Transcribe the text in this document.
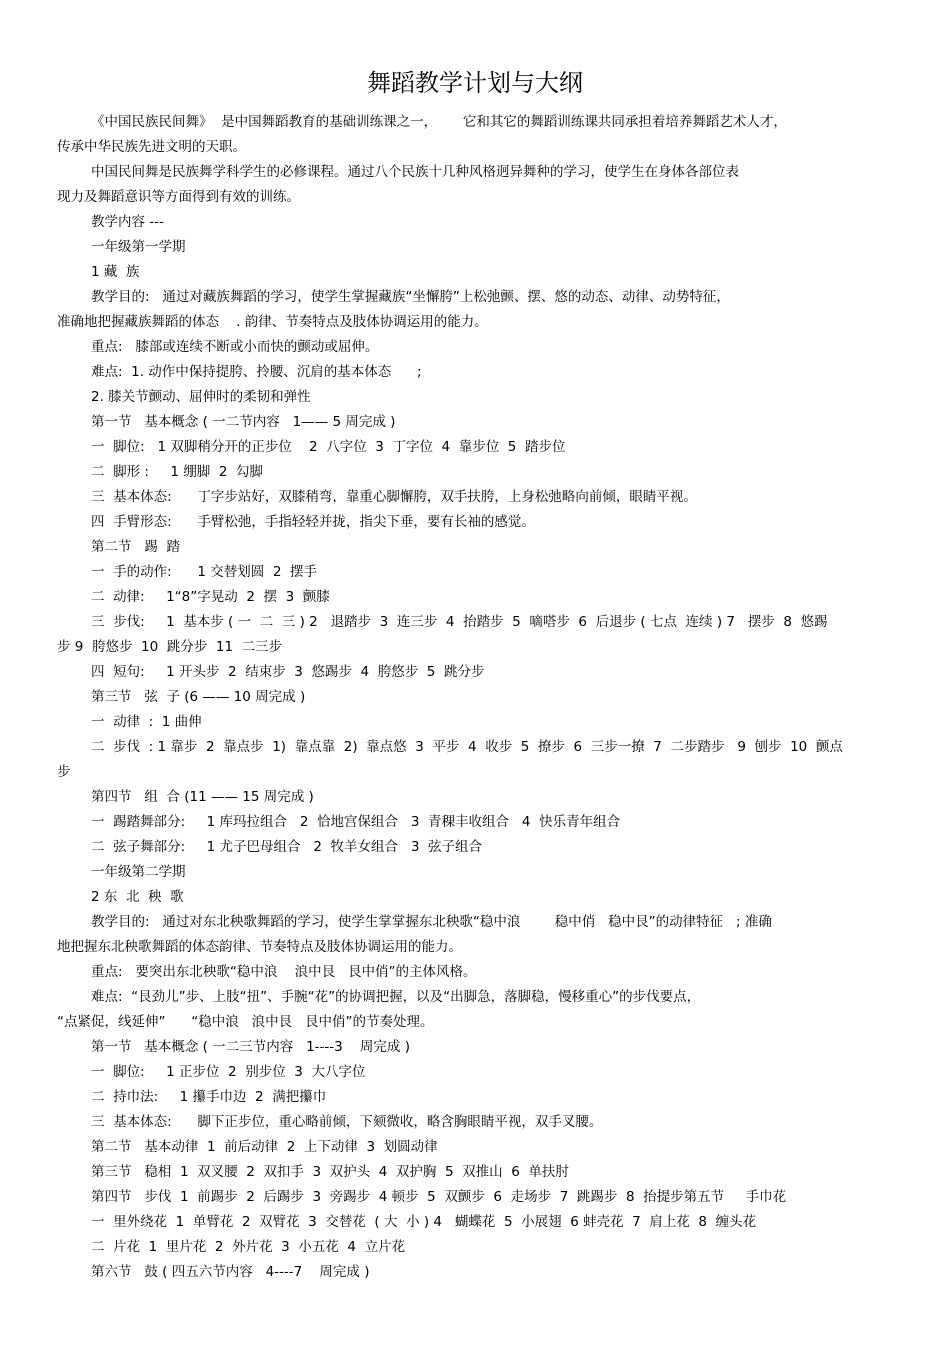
舞蹈教学计划与大纲

《中国民族民间舞》  是中国舞蹈教育的基础训练课之一，      它和其它的舞蹈训练课共同承担着培养舞蹈艺术人才，

传承中华民族先进文明的天职。

中国民间舞是民族舞学科学生的必修课程。通过八个民族十几种风格迥异舞种的学习，使学生在身体各部位表

现力及舞蹈意识等方面得到有效的训练。

教学内容 ---

一年级第一学期

1 藏  族

教学目的:   通过对藏族舞蹈的学习，使学生掌握藏族“坐懈胯”上松弛颤、摆、悠的动态、动律、动势特征，

准确地把握藏族舞蹈的体态    . 韵律、节奏特点及肢体协调运用的能力。

重点:   膝部或连续不断或小而快的颤动或屈伸。

难点:  1. 动作中保持提胯、拎腰、沉肩的基本体态      ;

2. 膝关节颤动、屈伸时的柔韧和弹性

第一节   基本概念 ( 一二节内容   1—— 5 周完成 )

一  脚位:   1 双脚稍分开的正步位    2  八字位  3  丁字位  4  靠步位  5  踏步位

二  脚形 :     1 绷脚  2  勾脚

三  基本体态:      丁字步站好，双膝稍弯，靠重心脚懈胯，双手扶胯，上身松弛略向前倾，眼睛平视。

四  手臂形态:      手臂松弛，手指轻轻并拢，指尖下垂，要有长袖的感觉。

第二节   踢  踏

一  手的动作:      1 交替划圆  2  摆手

二  动律:     1“8”字晃动  2  摆  3  颤膝

三  步伐:     1  基本步 ( 一  二  三 ) 2   退踏步  3  连三步  4  抬踏步  5  嘀嗒步  6  后退步 ( 七点  连续 ) 7   摆步  8  悠踢

步 9  胯悠步  10  跳分步  11  二三步

四  短句:     1 开头步  2  结束步  3  悠踢步  4  胯悠步  5  跳分步

第三节   弦  子 (6 —— 10 周完成 )

一  动律  :  1 曲伸

二  步伐  : 1 靠步  2  靠点步  1)  靠点靠  2)  靠点悠  3  平步  4  收步  5  撩步  6  三步一撩  7  二步踏步   9  刨步  10  颤点

步

第四节   组  合 (11 —— 15 周完成 )

一  踢踏舞部分:     1 库玛拉组合   2  恰地宫保组合   3  青稞丰收组合   4  快乐青年组合

二  弦子舞部分:     1 尤子巴母组合   2  牧羊女组合   3  弦子组合

一年级第二学期

2 东  北  秧  歌

教学目的:   通过对东北秧歌舞蹈的学习，使学生掌掌握东北秧歌“稳中浪        稳中俏   稳中艮”的动律特征   ; 准确

地把握东北秧歌舞蹈的体态韵律、节奏特点及肢体协调运用的能力。

重点:   要突出东北秧歌“稳中浪    浪中艮   艮中俏”的主体风格。

难点:  “艮劲儿”步、上肢“扭”、手腕“花”的协调把握，以及“出脚急，落脚稳，慢移重心”的步伐要点，

“点紧促，线延伸”      “稳中浪   浪中艮   艮中俏”的节奏处理。

第一节   基本概念 ( 一二三节内容   1----3    周完成 )

一  脚位:     1 正步位  2  别步位  3  大八字位

二  持巾法:     1 攥手巾边  2  满把攥巾

三  基本体态:      脚下正步位，重心略前倾，下颏微收，略含胸眼睛平视，双手叉腰。

第二节   基本动律  1  前后动律  2  上下动律  3  划圆动律

第三节   稳相  1  双叉腰  2  双扣手  3  双护头  4  双护胸  5  双推山  6  单扶肘

第四节   步伐  1  前踢步  2  后踢步  3  旁踢步  4 顿步  5  双颤步  6  走场步  7  跳踢步  8  抬提步第五节     手巾花

一  里外绕花  1  单臂花  2  双臂花  3  交替花  ( 大  小 ) 4   蝴蝶花  5  小展翅  6 蚌壳花  7  肩上花  8  缠头花

二  片花  1  里片花  2  外片花  3  小五花  4  立片花

第六节   鼓 ( 四五六节内容   4----7    周完成 )
